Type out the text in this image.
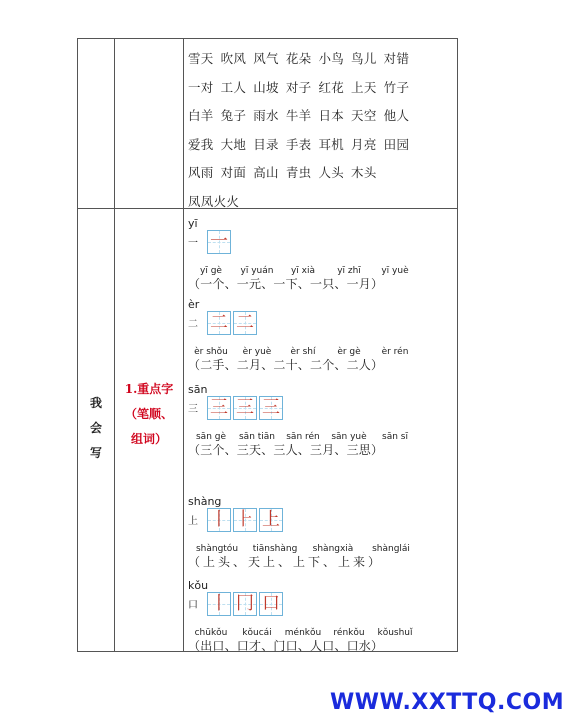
雪天 吹风 风气 花朵 小鸟 鸟儿 对错
一对 工人 山坡 对子 红花 上天 竹子
白羊 兔子 雨水 牛羊 日本 天空 他人
爱我 大地 目录 手表 耳机 月亮 田园
风雨 对面 高山 青虫 人头 木头
凤凤火火
我
会
写
1.重点字
（笔顺、
组词）
yī
一 一
yī gè yī yuán yī xià yī zhī yī yuè
（一个、一元、一下、一只、一月）
èr
二 二 二
èr shǒu èr yuè èr shí èr gè èr rén
（二手、二月、二十、二个、二人）
sān
三 三 三 三
sān gè sān tiān sān rén sān yuè sān sī
（三个、三天、三人、三月、三思）
shàng
上 丨 ⺊ 上
shàngtóu tiānshàng shàngxià shànglái
（上头、天上、上下、上来）
kǒu
口 丨 冂 口
chūkǒu kǒucái ménkǒu rénkǒu kǒushuǐ
（出口、口才、门口、人口、口水）
WWW.XXTTQ.COM
